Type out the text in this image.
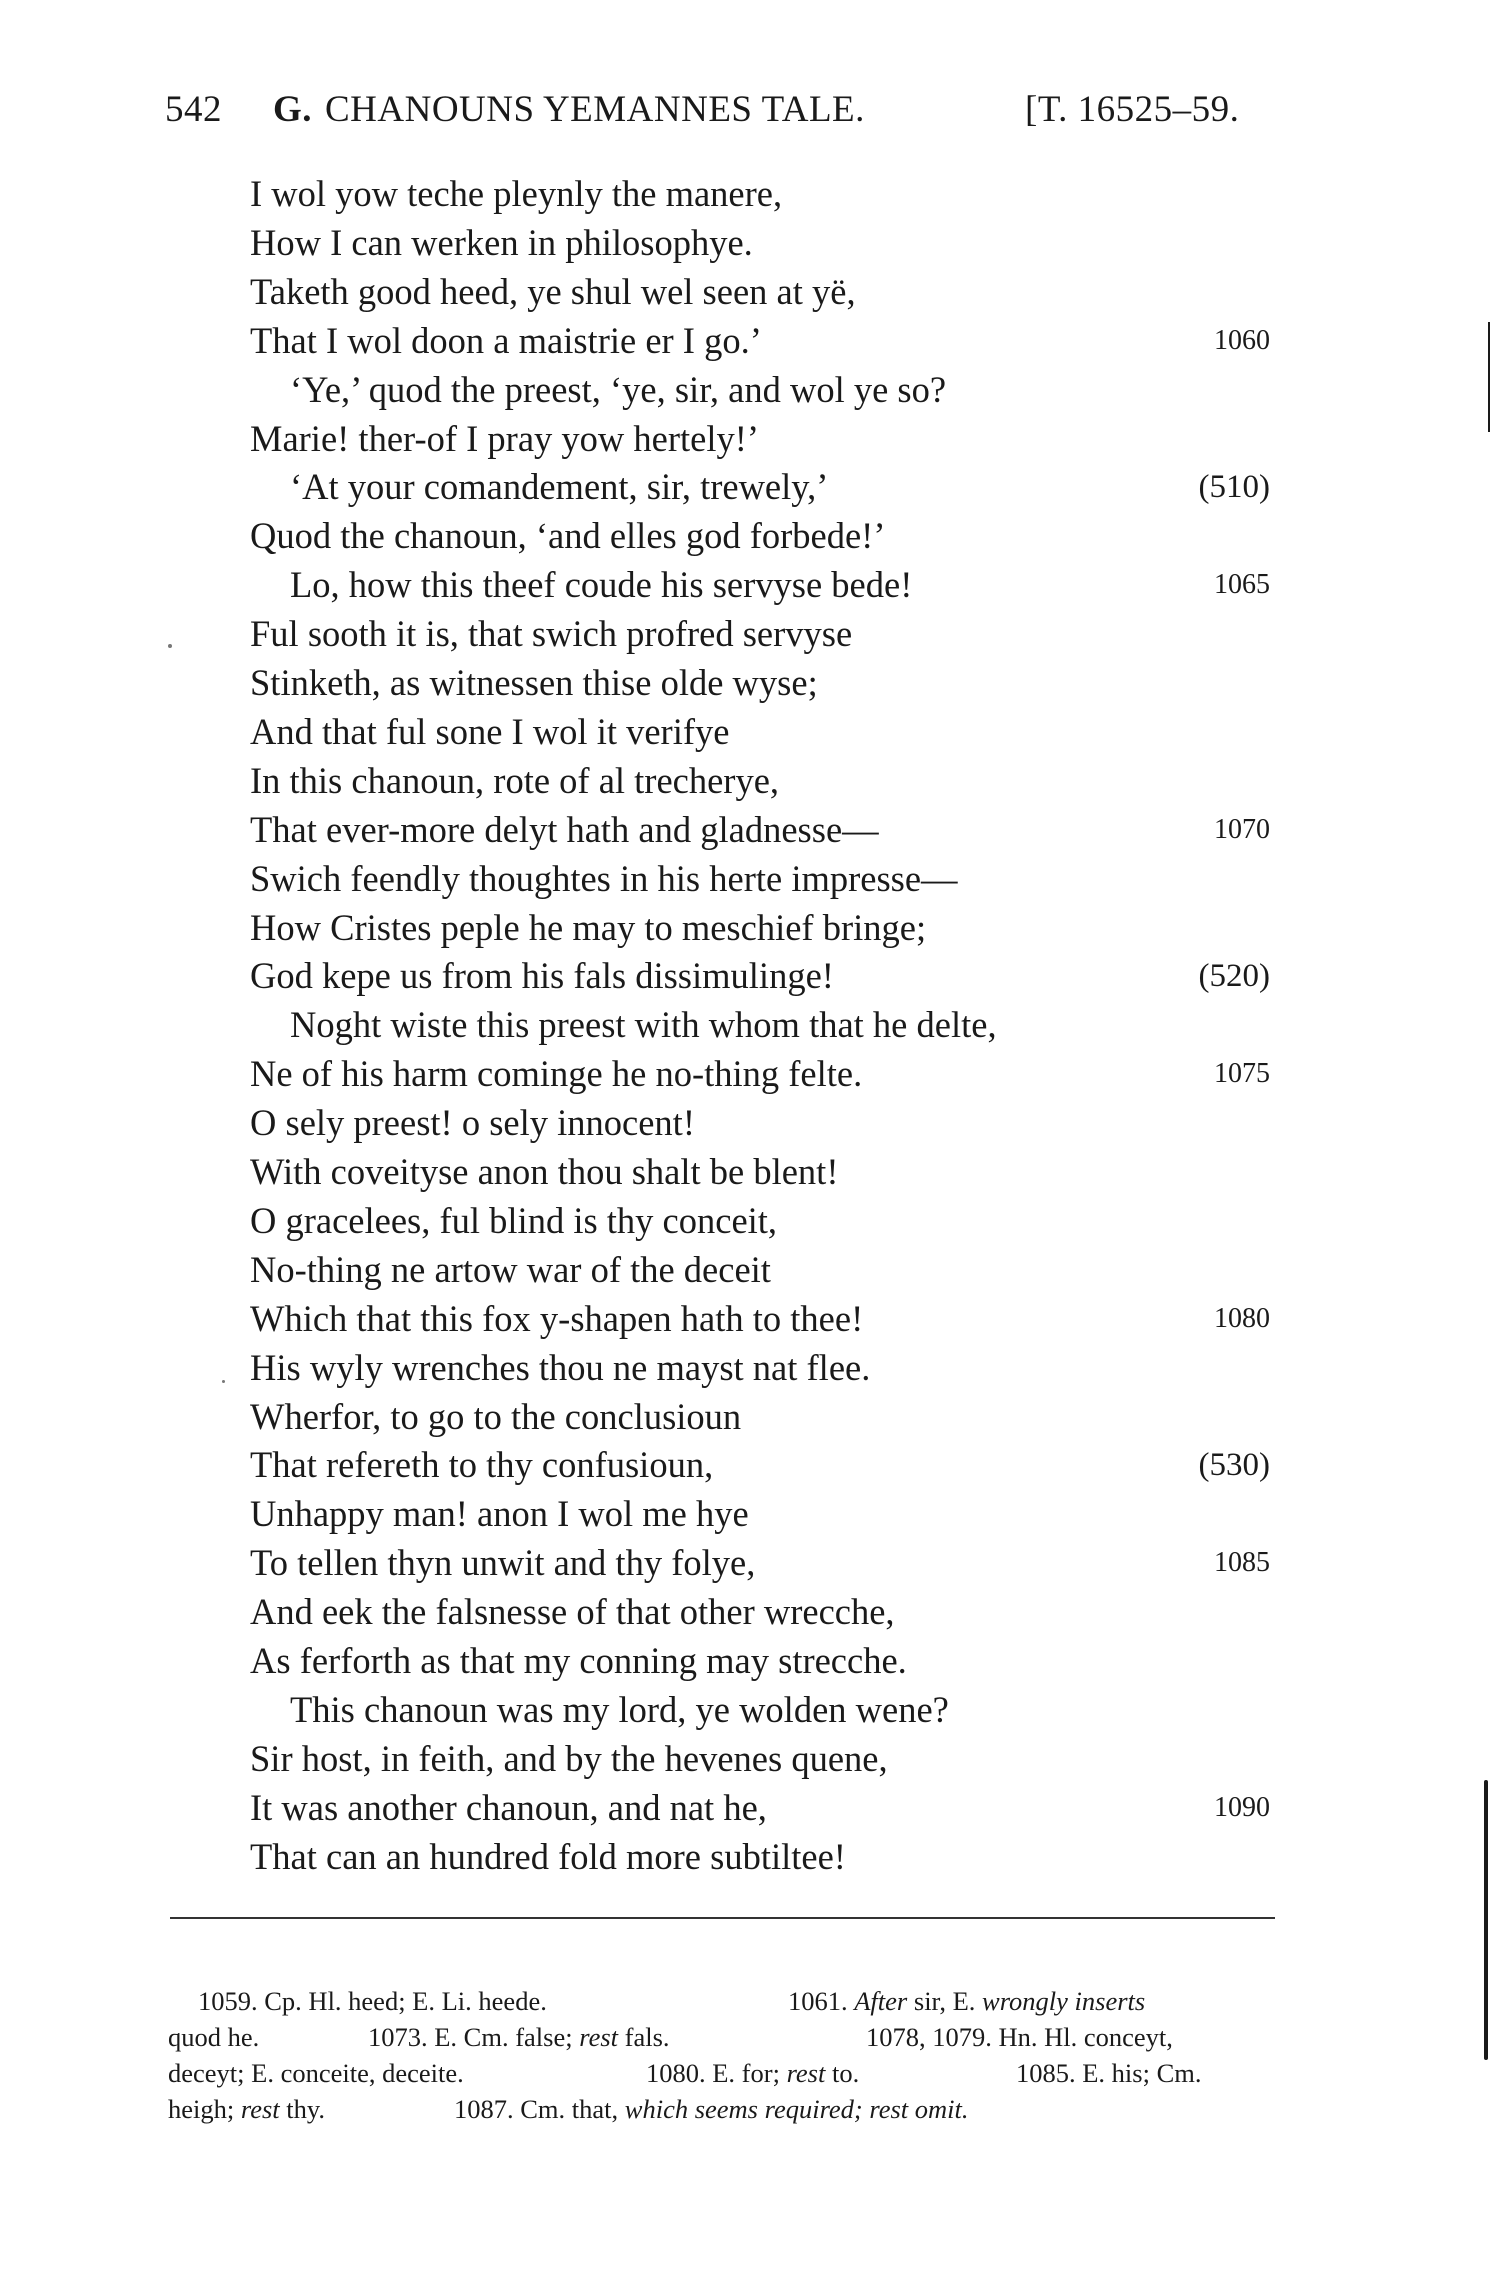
542 G. CHANOUNS YEMANNES TALE.	[T. 16525–59.
I wol yow teche pleynly the manere,
How I can werken in philosophye.
Taketh good heed, ye shul wel seen at yë,
That I wol doon a maistrie er I go.’	1060
‘Ye,’ quod the preest, ‘ye, sir, and wol ye so?
Marie! ther-of I pray yow hertely!’
‘At your comandement, sir, trewely,’	(510)
Quod the chanoun, ‘and elles god forbede!’
Lo, how this theef coude his servyse bede!	1065
Ful sooth it is, that swich profred servyse
Stinketh, as witnessen thise olde wyse;
And that ful sone I wol it verifye
In this chanoun, rote of al trecherye,
That ever-more delyt hath and gladnesse—	1070
Swich feendly thoughtes in his herte impresse—
How Cristes peple he may to meschief bringe;
God kepe us from his fals dissimulinge!	(520)
Noght wiste this preest with whom that he delte,
Ne of his harm cominge he no-thing felte.	1075
O sely preest! o sely innocent!
With coveityse anon thou shalt be blent!
O gracelees, ful blind is thy conceit,
No-thing ne artow war of the deceit
Which that this fox y-shapen hath to thee!	1080
His wyly wrenches thou ne mayst nat flee.
Wherfor, to go to the conclusioun
That refereth to thy confusioun,	(530)
Unhappy man! anon I wol me hye
To tellen thyn unwit and thy folye,	1085
And eek the falsnesse of that other wrecche,
As ferforth as that my conning may strecche.
This chanoun was my lord, ye wolden wene?
Sir host, in feith, and by the hevenes quene,
It was another chanoun, and nat he,	1090
That can an hundred fold more subtiltee!
1059. Cp. Hl. heed; E. Li. heede.	1061. After sir, E. wrongly inserts
quod he.	1073. E. Cm. false; rest fals.	1078, 1079. Hn. Hl. conceyt,
deceyt; E. conceite, deceite.	1080. E. for; rest to.	1085. E. his; Cm.
heigh; rest thy.	1087. Cm. that, which seems required; rest omit.
